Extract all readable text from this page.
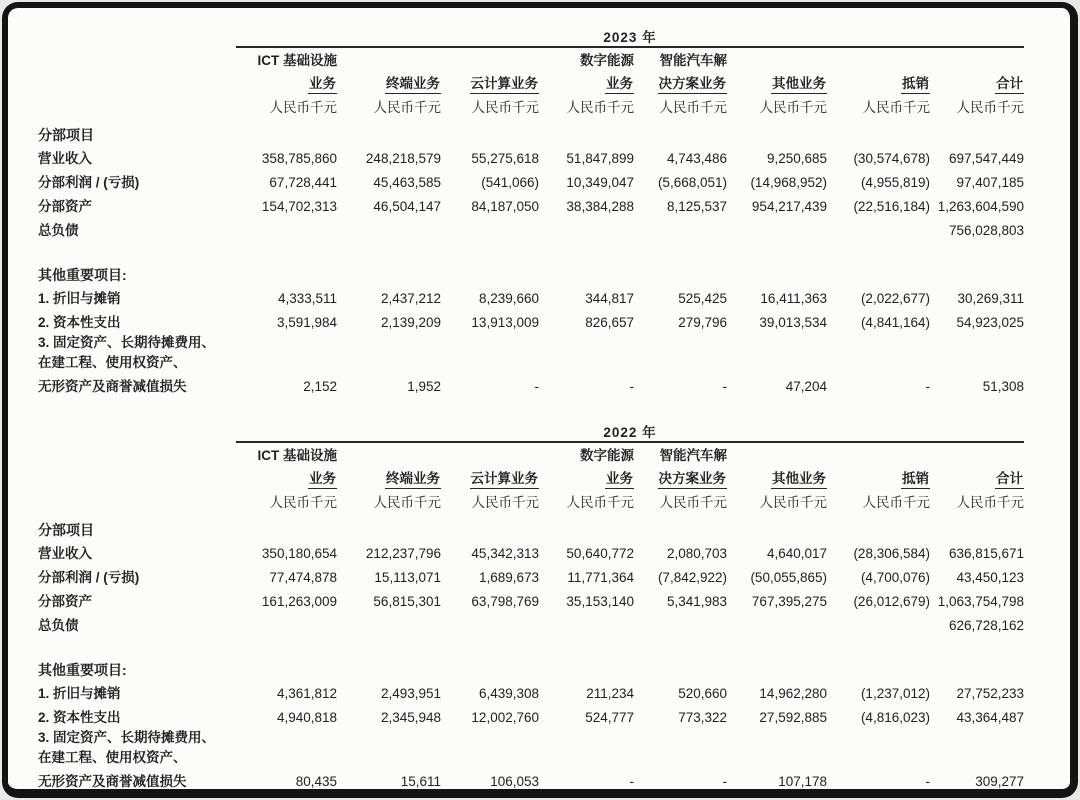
	2023 年							
	ICT 基础设施			数字能源	智能汽车解			
	业务	终端业务	云计算业务	业务	决方案业务	其他业务	抵销	合计
	人民币千元	人民币千元	人民币千元	人民币千元	人民币千元	人民币千元	人民币千元	人民币千元

分部项目								
营业收入	358,785,860	248,218,579	55,275,618	51,847,899	4,743,486	9,250,685	(30,574,678)	697,547,449
分部利润 / (亏损)	67,728,441	45,463,585	(541,066)	10,349,047	(5,668,051)	(14,968,952)	(4,955,819)	97,407,185
分部资产	154,702,313	46,504,147	84,187,050	38,384,288	8,125,537	954,217,439	(22,516,184)	1,263,604,590
总负债								756,028,803

其他重要项目:								
1. 折旧与摊销	4,333,511	2,437,212	8,239,660	344,817	525,425	16,411,363	(2,022,677)	30,269,311
2. 资本性支出	3,591,984	2,139,209	13,913,009	826,657	279,796	39,013,534	(4,841,164)	54,923,025
3. 固定资产、长期待摊费用、								
在建工程、使用权资产、								
无形资产及商誉减值损失	2,152	1,952	-	-	-	47,204	-	51,308
	2022 年							
	ICT 基础设施			数字能源	智能汽车解			
	业务	终端业务	云计算业务	业务	决方案业务	其他业务	抵销	合计
	人民币千元	人民币千元	人民币千元	人民币千元	人民币千元	人民币千元	人民币千元	人民币千元

分部项目								
营业收入	350,180,654	212,237,796	45,342,313	50,640,772	2,080,703	4,640,017	(28,306,584)	636,815,671
分部利润 / (亏损)	77,474,878	15,113,071	1,689,673	11,771,364	(7,842,922)	(50,055,865)	(4,700,076)	43,450,123
分部资产	161,263,009	56,815,301	63,798,769	35,153,140	5,341,983	767,395,275	(26,012,679)	1,063,754,798
总负债								626,728,162

其他重要项目:								
1. 折旧与摊销	4,361,812	2,493,951	6,439,308	211,234	520,660	14,962,280	(1,237,012)	27,752,233
2. 资本性支出	4,940,818	2,345,948	12,002,760	524,777	773,322	27,592,885	(4,816,023)	43,364,487
3. 固定资产、长期待摊费用、								
在建工程、使用权资产、								
无形资产及商誉减值损失	80,435	15,611	106,053	-	-	107,178	-	309,277
